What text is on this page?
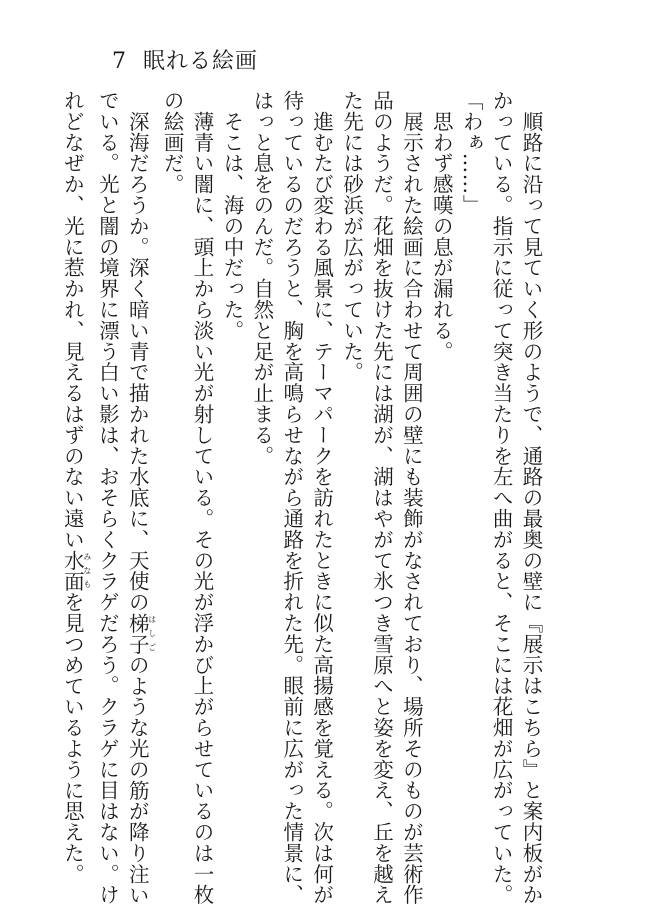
7 眠れる絵画
　順路に沿って見ていく形のようで、通路の最奥の壁に『展示はこちら』と案内板がか
かっている。指示に従って突き当たりを左へ曲がると、そこには花畑が広がっていた。
「わぁ……」
　思わず感嘆の息が漏れる。
　展示された絵画に合わせて周囲の壁にも装飾がなされており、場所そのものが芸術作
品のようだ。花畑を抜けた先には湖が、湖はやがて氷つき雪原へと姿を変え、丘を越え
た先には砂浜が広がっていた。
　進むたび変わる風景に、テーマパークを訪れたときに似た高揚感を覚える。次は何が
待っているのだろうと、胸を高鳴らせながら通路を折れた先。眼前に広がった情景に、
はっと息をのんだ。自然と足が止まる。
　そこは、海の中だった。
　薄青い闇に、頭上から淡い光が射している。その光が浮かび上がらせているのは一枚
の絵画だ。
　深海だろうか。深く暗い青で描かれた水底に、天使の梯子はしごのような光の筋が降り注い
でいる。光と闇の境界に漂う白い影は、おそらくクラゲだろう。クラゲに目はない。け
れどなぜか、光に惹かれ、見えるはずのない遠い水面みなもを見つめているように思えた。
